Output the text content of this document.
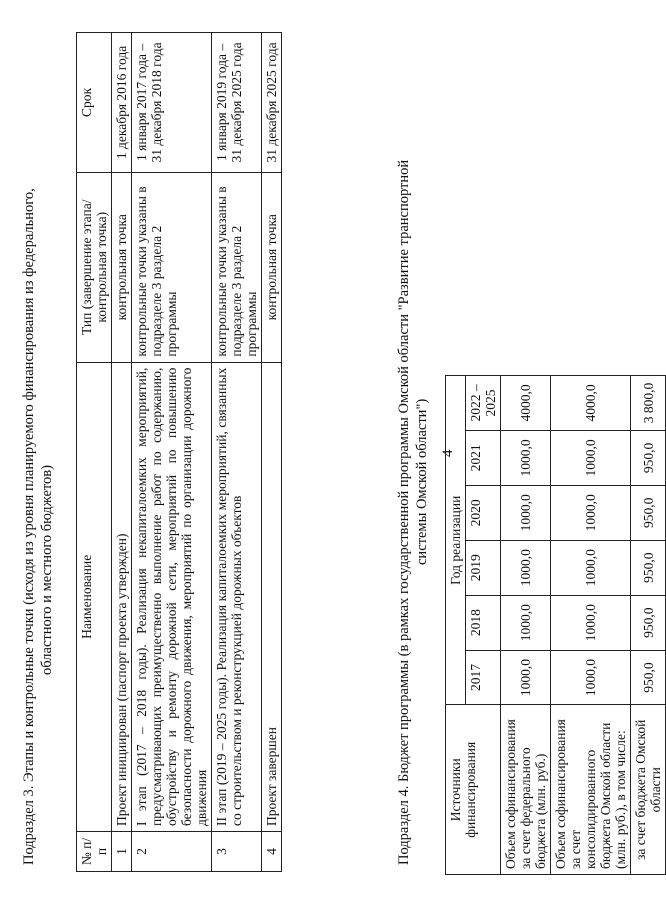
4
Подраздел 3. Этапы и контрольные точки (исходя из уровня планируемого финансирования из федерального, областного и местного бюджетов)
№ п/п	Наименование	Тип (завершение этапа/контрольная точка)	Срок
1	Проект инициирован (паспорт проекта утвержден)	контрольная точка	1 декабря 2016 года
2	I этап (2017 – 2018 годы). Реализация некапиталоемких мероприятий, предусматривающих преимущественно выполнение работ по содержанию, обустройству и ремонту дорожной сети, мероприятий по повышению безопасности дорожного движения, мероприятий по организации дорожного движения	контрольные точки указаны в подразделе 3 раздела 2 программы	1 января 2017 года – 31 декабря 2018 года
3	II этап (2019 – 2025 годы). Реализация капиталоемких мероприятий, связанных со строительством и реконструкцией дорожных объектов	контрольные точки указаны в подразделе 3 раздела 2 программы	1 января 2019 года – 31 декабря 2025 года
4	Проект завершен	контрольная точка	31 декабря 2025 года
Подраздел 4. Бюджет программы (в рамках государственной программы Омской области "Развитие транспортной системы Омской области")
Источники финансирования	Год реализации					
	2017	2018	2019	2020	2021	2022 – 2025
Объем софинансирования за счет федерального бюджета (млн. руб.)	1000,0	1000,0	1000,0	1000,0	1000,0	4000,0
Объем софинансирования за счет консолидированного бюджета Омской области (млн. руб.), в том числе:	1000,0	1000,0	1000,0	1000,0	1000,0	4000,0
за счет бюджета Омской области	950,0	950,0	950,0	950,0	950,0	3 800,0
